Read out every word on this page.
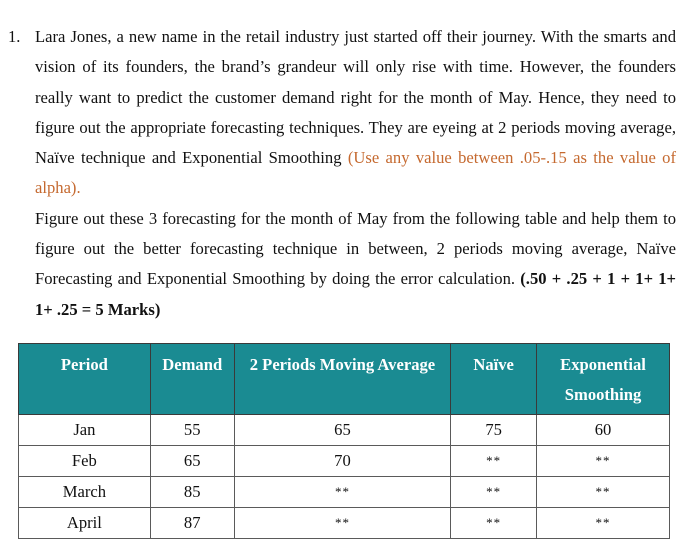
1. Lara Jones, a new name in the retail industry just started off their journey. With the smarts and vision of its founders, the brand’s grandeur will only rise with time. However, the founders really want to predict the customer demand right for the month of May. Hence, they need to figure out the appropriate forecasting techniques. They are eyeing at 2 periods moving average, Naïve technique and Exponential Smoothing (Use any value between .05-.15 as the value of alpha).
Figure out these 3 forecasting for the month of May from the following table and help them to figure out the better forecasting technique in between, 2 periods moving average, Naïve Forecasting and Exponential Smoothing by doing the error calculation. (.50 + .25 + 1 + 1+ 1+ 1+ .25 = 5 Marks)
Period	Demand	2 Periods Moving Average	Naïve	Exponential Smoothing
Jan	55	65	75	60
Feb	65	70	**	**
March	85	**	**	**
April	87	**	**	**
